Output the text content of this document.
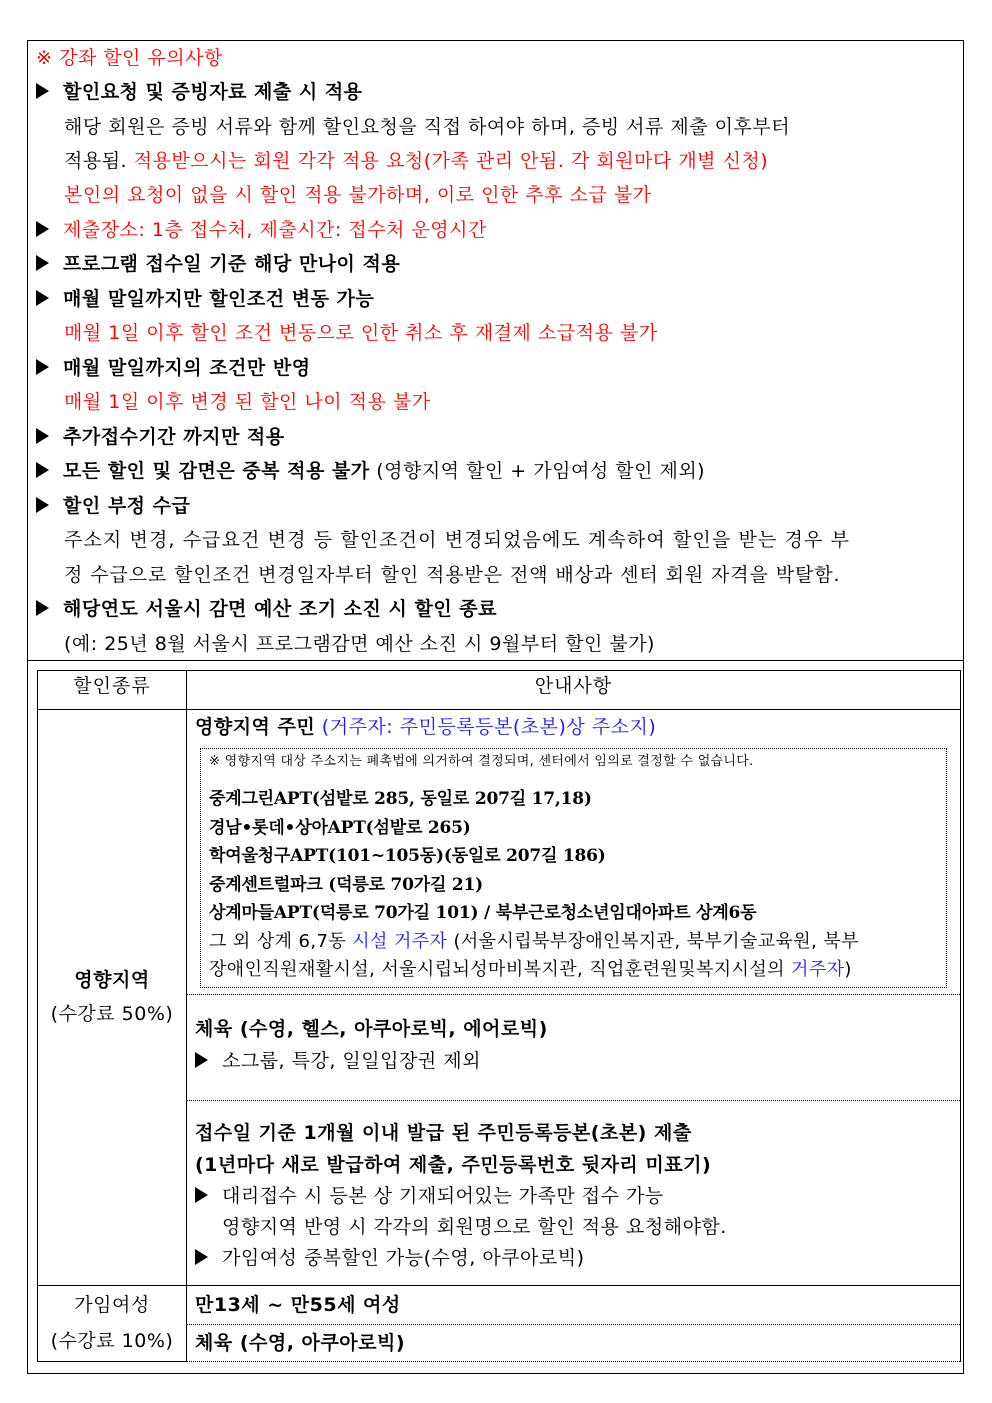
※ 강좌 할인 유의사항
할인요청 및 증빙자료 제출 시 적용
해당 회원은 증빙 서류와 함께 할인요청을 직접 하여야 하며, 증빙 서류 제출 이후부터
적용됨. 적용받으시는 회원 각각 적용 요청(가족 관리 안됨. 각 회원마다 개별 신청)
본인의 요청이 없을 시 할인 적용 불가하며, 이로 인한 추후 소급 불가
제출장소: 1층 접수처, 제출시간: 접수처 운영시간
프로그램 접수일 기준 해당 만나이 적용
매월 말일까지만 할인조건 변동 가능
매월 1일 이후 할인 조건 변동으로 인한 취소 후 재결제 소급적용 불가
매월 말일까지의 조건만 반영
매월 1일 이후 변경 된 할인 나이 적용 불가
추가접수기간 까지만 적용
모든 할인 및 감면은 중복 적용 불가 (영향지역 할인 + 가임여성 할인 제외)
할인 부정 수급
주소지 변경, 수급요건 변경 등 할인조건이 변경되었음에도 계속하여 할인을 받는 경우 부
정 수급으로 할인조건 변경일자부터 할인 적용받은 전액 배상과 센터 회원 자격을 박탈함.
해당연도 서울시 감면 예산 조기 소진 시 할인 종료
(예: 25년 8월 서울시 프로그램감면 예산 소진 시 9월부터 할인 불가)
할인종류	안내사항

영향지역
(수강료 50%)

영향지역 주민 (거주자: 주민등록등본(초본)상 주소지)
※ 영향지역 대상 주소지는 폐촉법에 의거하여 결정되며, 센터에서 임의로 결정할 수 없습니다.
중계그린APT(섬밭로 285, 동일로 207길 17,18)
경남•롯데•상아APT(섬밭로 265)
학여울청구APT(101~105동)(동일로 207길 186)
중계센트럴파크 (덕릉로 70가길 21)
상계마들APT(덕릉로 70가길 101) / 북부근로청소년임대아파트 상계6동
그 외 상계 6,7동 시설 거주자 (서울시립북부장애인복지관, 북부기술교육원, 북부
장애인직원재활시설, 서울시립뇌성마비복지관, 직업훈련원및복지시설의 거주자)

	체육 (수영, 헬스, 아쿠아로빅, 에어로빅)
소그룹, 특강, 일일입장권 제외

	접수일 기준 1개월 이내 발급 된 주민등록등본(초본) 제출
(1년마다 새로 발급하여 제출, 주민등록번호 뒷자리 미표기)
대리접수 시 등본 상 기재되어있는 가족만 접수 가능
영향지역 반영 시 각각의 회원명으로 할인 적용 요청해야함.
가임여성 중복할인 가능(수영, 아쿠아로빅)

가임여성
(수강료 10%)	만13세 ~ 만55세 여성

	체육 (수영, 아쿠아로빅)
